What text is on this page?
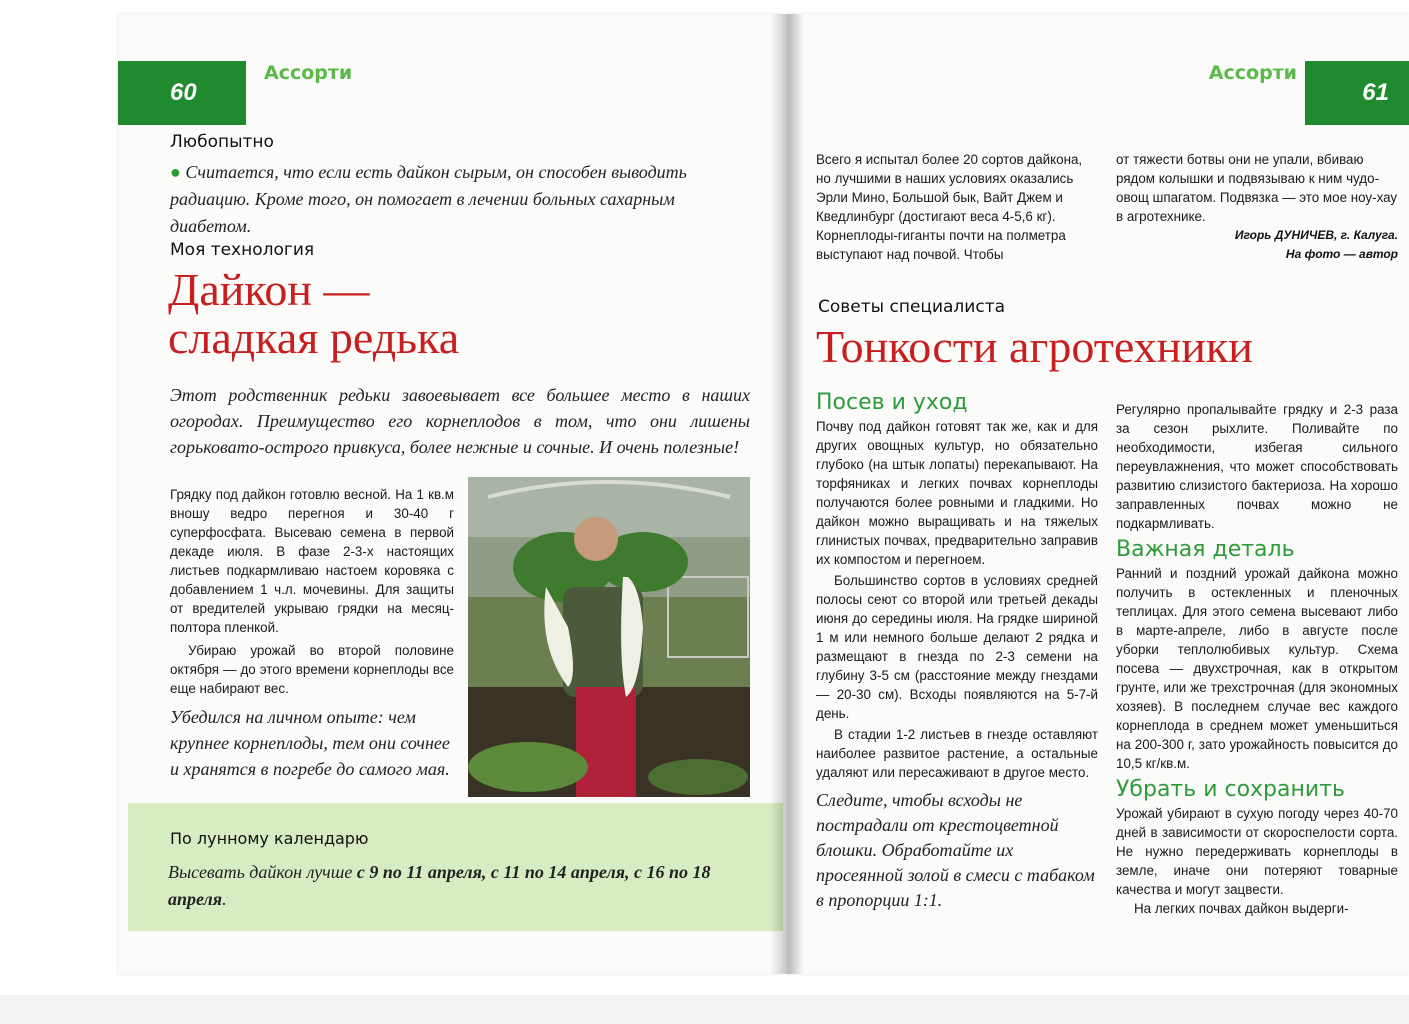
60
Любопытно
● Считается, что если есть дайкон сырым, он способен выводить радиацию. Кроме того, он помогает в лечении больных сахарным диабетом.
Моя технология
Дайкон —
сладкая редька
Этот родственник редьки завоевывает все большее место в наших огородах. Преимущество его корнеплодов в том, что они лишены горьковато-острого привкуса, более нежные и сочные. И очень полезные!

Грядку под дайкон готовлю весной. На 1 кв.м вношу ведро перегноя и 30-40 г суперфосфата. Высеваю семена в первой декаде июля. В фазе 2-3-х настоящих листьев подкармливаю настоем коровяка с добавлением 1 ч.л. мочевины. Для защиты от вредителей укрываю грядки на месяц-полтора пленкой.

Убираю урожай во второй половине октября — до этого времени корнеплоды все еще набирают вес.

Убедился на личном опыте: чем крупнее корнеплоды, тем они сочнее и хранятся в погребе до самого мая.
По лунному календарю
Высевать дайкон лучше с 9 по 11 апреля, с 11 по 14 апреля, с 16 по 18 апреля.
Ассорти
61
Всего я испытал более 20 сортов дайкона, но лучшими в наших условиях оказались Эрли Мино, Большой бык, Вайт Джем и Кведлинбург (достигают веса 4-5,6 кг). Корнеплоды-гиганты почти на полметра выступают над почвой. Чтобы
от тяжести ботвы они не упали, вбиваю рядом колышки и подвязываю к ним чудо-овощ шпагатом. Подвязка — это мое ноу-хау в агротехнике.
Игорь ДУНИЧЕВ, г. Калуга.
На фото — автор
Советы специалиста
Тонкости агротехники
Посев и уход

Почву под дайкон готовят так же, как и для других овощных культур, но обязательно глубоко (на штык лопаты) перекапывают. На торфяниках и легких почвах корнеплоды получаются более ровными и гладкими. Но дайкон можно выращивать и на тяжелых глинистых почвах, предварительно заправив их компостом и перегноем.

Большинство сортов в условиях средней полосы сеют со второй или третьей декады июня до середины июля. На грядке шириной 1 м или немного больше делают 2 рядка и размещают в гнезда по 2-3 семени на глубину 3-5 см (расстояние между гнездами — 20-30 см). Всходы появляются на 5-7-й день.

В стадии 1-2 листьев в гнезде оставляют наиболее развитое растение, а остальные удаляют или пересаживают в другое место.

Следите, чтобы всходы не пострадали от крестоцветной блошки. Обработайте их просеянной золой в смеси с табаком в пропорции 1:1.
Регулярно пропалывайте грядку и 2-3 раза за сезон рыхлите. Поливайте по необходимости, избегая сильного переувлажнения, что может способствовать развитию слизистого бактериоза. На хорошо заправленных почвах можно не подкармливать.
Важная деталь
Ранний и поздний урожай дайкона можно получить в остекленных и пленочных теплицах. Для этого семена высевают либо в марте-апреле, либо в августе после уборки теплолюбивых культур. Схема посева — двухстрочная, как в открытом грунте, или же трехстрочная (для экономных хозяев). В последнем случае вес каждого корнеплода в среднем может уменьшиться на 200-300 г, зато урожайность повысится до 10,5 кг/кв.м.
Убрать и сохранить
Урожай убирают в сухую погоду через 40-70 дней в зависимости от скороспелости сорта. Не нужно передерживать корнеплоды в земле, иначе они потеряют товарные качества и могут зацвести.
На легких почвах дайкон выдерги-
Ассорти
